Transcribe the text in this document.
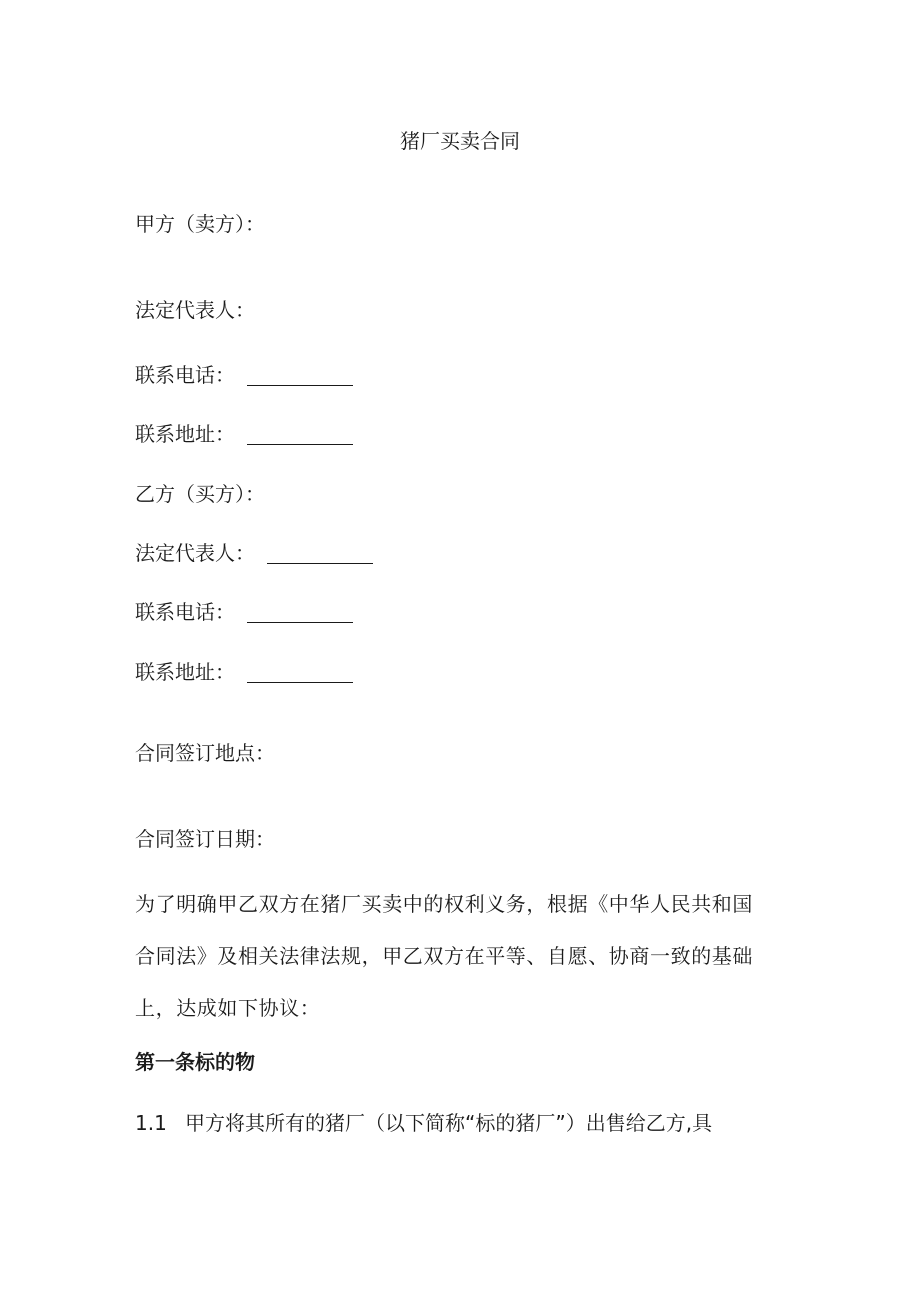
猪厂买卖合同
甲方（卖方）：
法定代表人：
联系电话：
联系地址：
乙方（买方）：
法定代表人：
联系电话：
联系地址：
合同签订地点：
合同签订日期：
为了明确甲乙双方在猪厂买卖中的权利义务，根据《中华人民共和国
合同法》及相关法律法规，甲乙双方在平等、自愿、协商一致的基础
上，达成如下协议：
第一条标的物
1.1 甲方将其所有的猪厂（以下简称“标的猪厂”）出售给乙方,具
